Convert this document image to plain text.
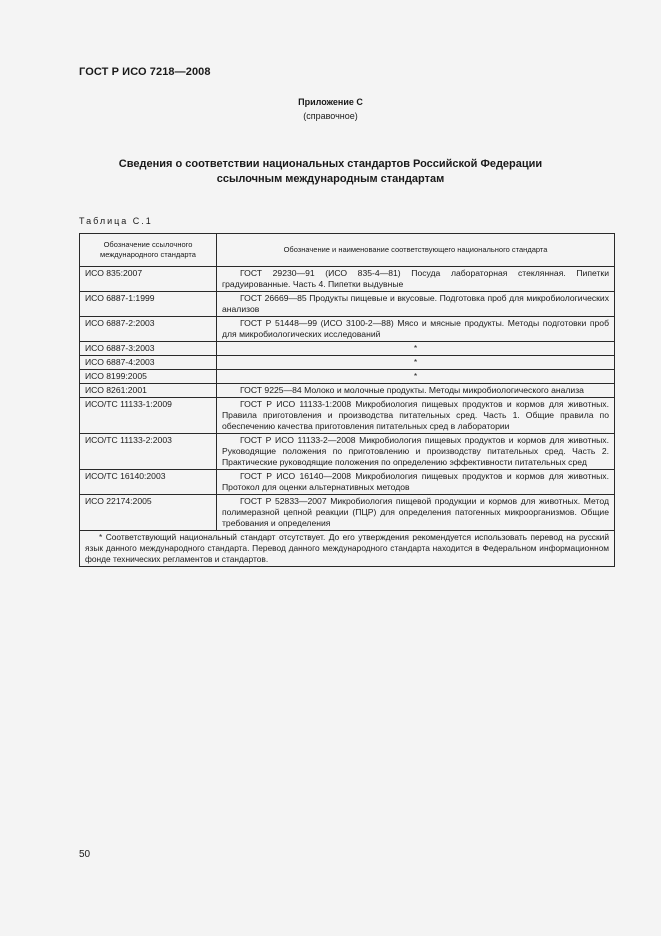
ГОСТ Р ИСО 7218—2008
Приложение С
(справочное)
Сведения о соответствии национальных стандартов Российской Федерации
ссылочным международным стандартам
Таблица С.1
Обозначение ссылочного международного стандарта	Обозначение и наименование соответствующего национального стандарта
ИСО 835:2007	ГОСТ 29230—91 (ИСО 835-4—81) Посуда лабораторная стеклянная. Пипетки градуированные. Часть 4. Пипетки выдувные
ИСО 6887-1:1999	ГОСТ 26669—85 Продукты пищевые и вкусовые. Подготовка проб для микробиологических анализов
ИСО 6887-2:2003	ГОСТ Р 51448—99 (ИСО 3100-2—88) Мясо и мясные продукты. Методы подготовки проб для микробиологических исследований
ИСО 6887-3:2003	*
ИСО 6887-4:2003	*
ИСО 8199:2005	*
ИСО 8261:2001	ГОСТ 9225—84 Молоко и молочные продукты. Методы микробиологического анализа
ИСО/ТС 11133-1:2009	ГОСТ Р ИСО 11133-1:2008 Микробиология пищевых продуктов и кормов для животных. Правила приготовления и производства питательных сред. Часть 1. Общие правила по обеспечению качества приготовления питательных сред в лаборатории
ИСО/ТС 11133-2:2003	ГОСТ Р ИСО 11133-2—2008 Микробиология пищевых продуктов и кормов для животных. Руководящие положения по приготовлению и производству питательных сред. Часть 2. Практические руководящие положения по определению эффективности питательных сред
ИСО/ТС 16140:2003	ГОСТ Р ИСО 16140—2008 Микробиология пищевых продуктов и кормов для животных. Протокол для оценки альтернативных методов
ИСО 22174:2005	ГОСТ Р 52833—2007 Микробиология пищевой продукции и кормов для животных. Метод полимеразной цепной реакции (ПЦР) для определения патогенных микроорганизмов. Общие требования и определения
* Соответствующий национальный стандарт отсутствует. До его утверждения рекомендуется использовать перевод на русский язык данного международного стандарта. Перевод данного международного стандарта находится в Федеральном информационном фонде технических регламентов и стандартов.	
50
